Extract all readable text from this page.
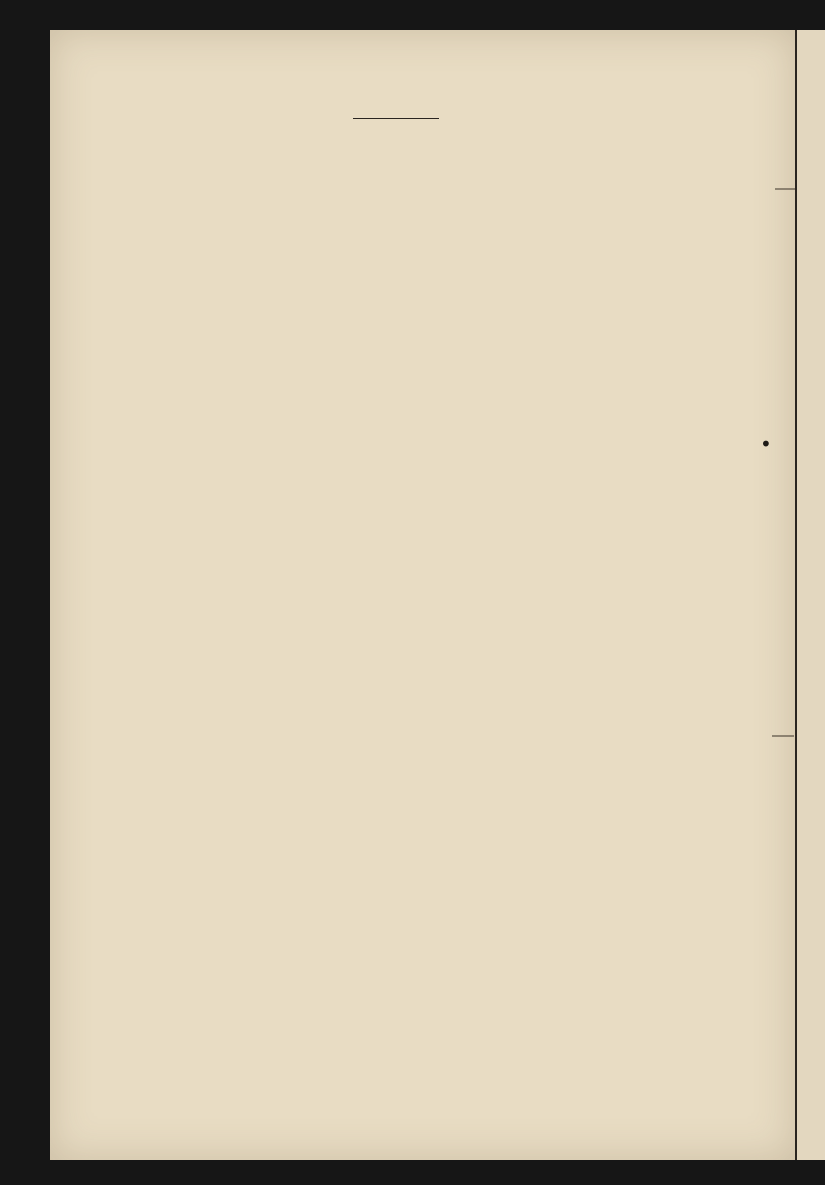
•
